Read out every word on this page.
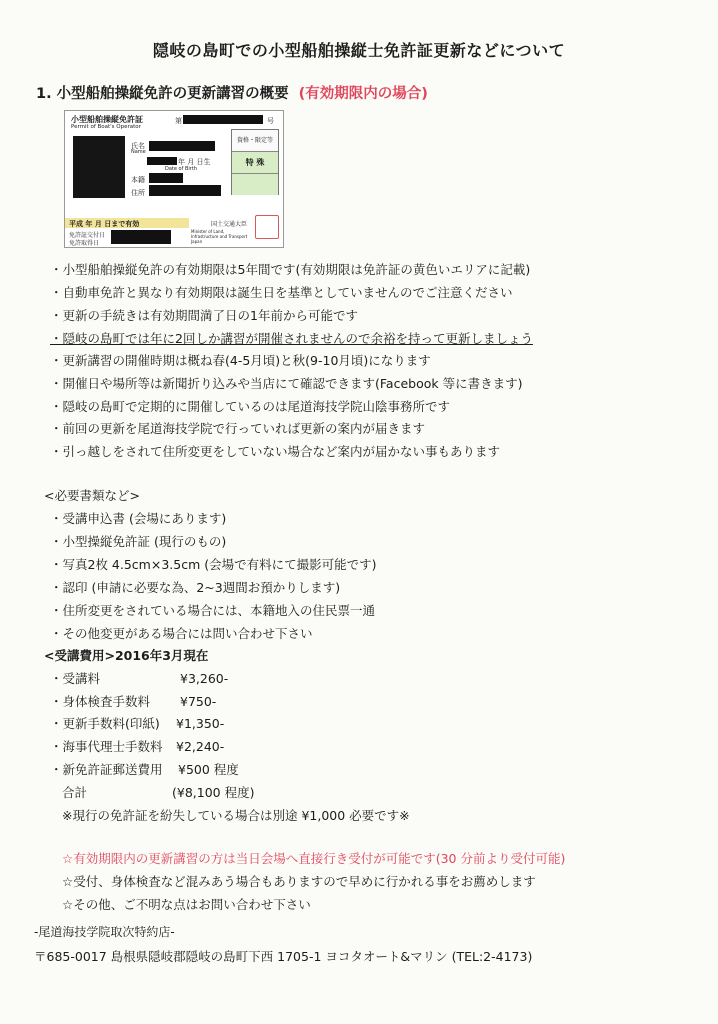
隠岐の島町での小型船舶操縦士免許証更新などについて
1. 小型船舶操縦免許の更新講習の概要 (有効期限内の場合)
小型船舶操縦免許証
Permit of Boat's Operator
第	号
氏名
Name
年 月 日生
Date of Birth
本籍
住所
資格・限定等
特 殊
平成 年 月 日まで有効
免許証交付日
免許取得日
国土交通大臣
Minister of Land, Infrastructure and Transport Japan
・小型船舶操縦免許の有効期限は5年間です(有効期限は免許証の黄色いエリアに記載)
・自動車免許と異なり有効期限は誕生日を基準としていませんのでご注意ください
・更新の手続きは有効期間満了日の1年前から可能です
・隠岐の島町では年に2回しか講習が開催されませんので余裕を持って更新しましょう
・更新講習の開催時期は概ね春(4-5月頃)と秋(9-10月頃)になります
・開催日や場所等は新聞折り込みや当店にて確認できます(Facebook 等に書きます)
・隠岐の島町で定期的に開催しているのは尾道海技学院山陰事務所です
・前回の更新を尾道海技学院で行っていれば更新の案内が届きます
・引っ越しをされて住所変更をしていない場合など案内が届かない事もあります
<必要書類など>
・受講申込書 (会場にあります)
・小型操縦免許証 (現行のもの)
・写真2枚 4.5cm×3.5cm (会場で有料にて撮影可能です)
・認印 (申請に必要な為、2~3週間お預かりします)
・住所変更をされている場合には、本籍地入の住民票一通
・その他変更がある場合には問い合わせ下さい
<受講費用>2016年3月現在
・受講料	¥3,260-
・身体検査手数料 ¥750-
・更新手数料(印紙) ¥1,350-
・海事代理士手数料 ¥2,240-
・新免許証郵送費用 ¥500 程度
合計	(¥8,100 程度)
※現行の免許証を紛失している場合は別途 ¥1,000 必要です※
☆有効期限内の更新講習の方は当日会場へ直接行き受付が可能です(30 分前より受付可能)
☆受付、身体検査など混みあう場合もありますので早めに行かれる事をお薦めします
☆その他、ご不明な点はお問い合わせ下さい
-尾道海技学院取次特約店-
〒685-0017 島根県隠岐郡隠岐の島町下西 1705-1 ヨコタオート&マリン (TEL:2-4173)
